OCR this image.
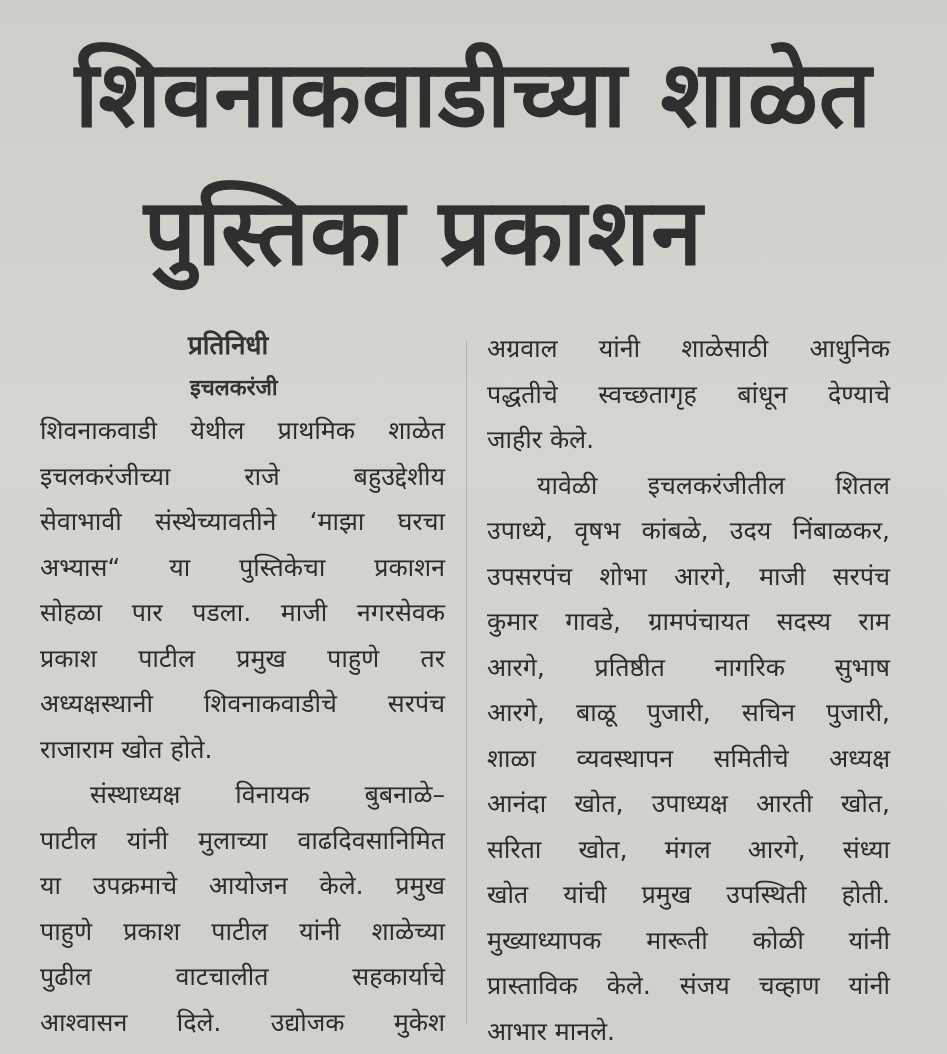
शिवनाकवाडीच्या शाळेत
पुस्तिका प्रकाशन
प्रतिनिधी
इचलकरंजी
शिवनाकवाडी येथील प्राथमिक शाळेत
इचलकरंजीच्या राजे बहुउद्देशीय
सेवाभावी संस्थेच्यावतीने ‘माझा घरचा
अभ्यास“ या पुस्तिकेचा प्रकाशन
सोहळा पार पडला. माजी नगरसेवक
प्रकाश पाटील प्रमुख पाहुणे तर
अध्यक्षस्थानी शिवनाकवाडीचे सरपंच
राजाराम खोत होते.
संस्थाध्यक्ष विनायक बुबनाळे–
पाटील यांनी मुलाच्या वाढदिवसानिमित
या उपक्रमाचे आयोजन केले. प्रमुख
पाहुणे प्रकाश पाटील यांनी शाळेच्या
पुढील वाटचालीत सहकार्याचे
आश्वासन दिले. उद्योजक मुकेश
अग्रवाल यांनी शाळेसाठी आधुनिक
पद्धतीचे स्वच्छतागृह बांधून देण्याचे
जाहीर केले.
यावेळी इचलकरंजीतील शितल
उपाध्ये, वृषभ कांबळे, उदय निंबाळकर,
उपसरपंच शोभा आरगे, माजी सरपंच
कुमार गावडे, ग्रामपंचायत सदस्य राम
आरगे, प्रतिष्ठीत नागरिक सुभाष
आरगे, बाळू पुजारी, सचिन पुजारी,
शाळा व्यवस्थापन समितीचे अध्यक्ष
आनंदा खोत, उपाध्यक्ष आरती खोत,
सरिता खोत, मंगल आरगे, संध्या
खोत यांची प्रमुख उपस्थिती होती.
मुख्याध्यापक मारूती कोळी यांनी
प्रास्ताविक केले. संजय चव्हाण यांनी
आभार मानले.
